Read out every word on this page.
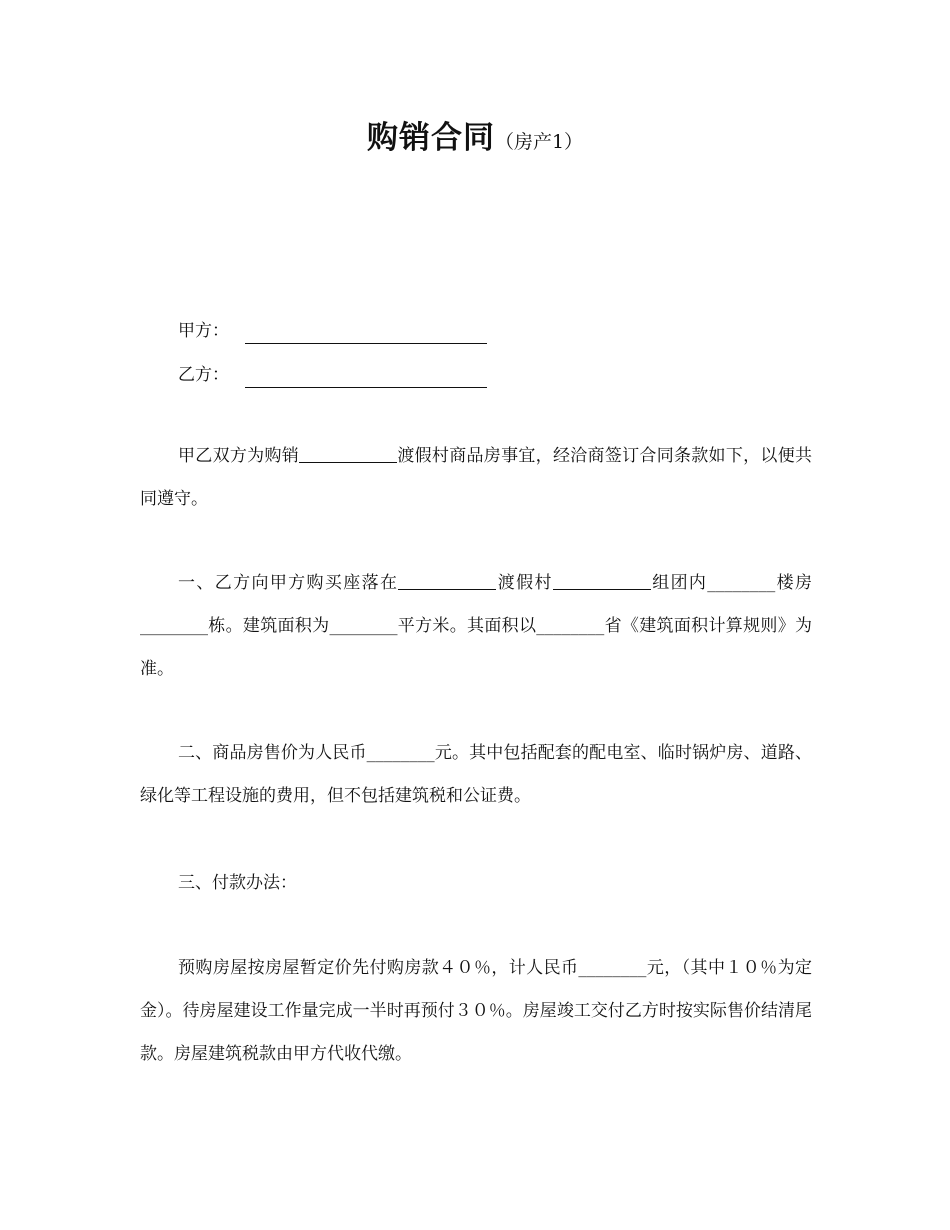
购销合同（房产1）
甲方：
乙方：

甲乙双方为购销	渡假村商品房事宜，经洽商签订合同条款如下，以便共同遵守。

一、乙方向甲方购买座落在	渡假村	组团内________楼房________栋。建筑面积为________平方米。其面积以________省《建筑面积计算规则》为准。

二、商品房售价为人民币________元。其中包括配套的配电室、临时锅炉房、道路、绿化等工程设施的费用，但不包括建筑税和公证费。

三、付款办法：

预购房屋按房屋暂定价先付购房款４０％，计人民币________元，（其中１０％为定金）。待房屋建设工作量完成一半时再预付３０％。房屋竣工交付乙方时按实际售价结清尾款。房屋建筑税款由甲方代收代缴。
